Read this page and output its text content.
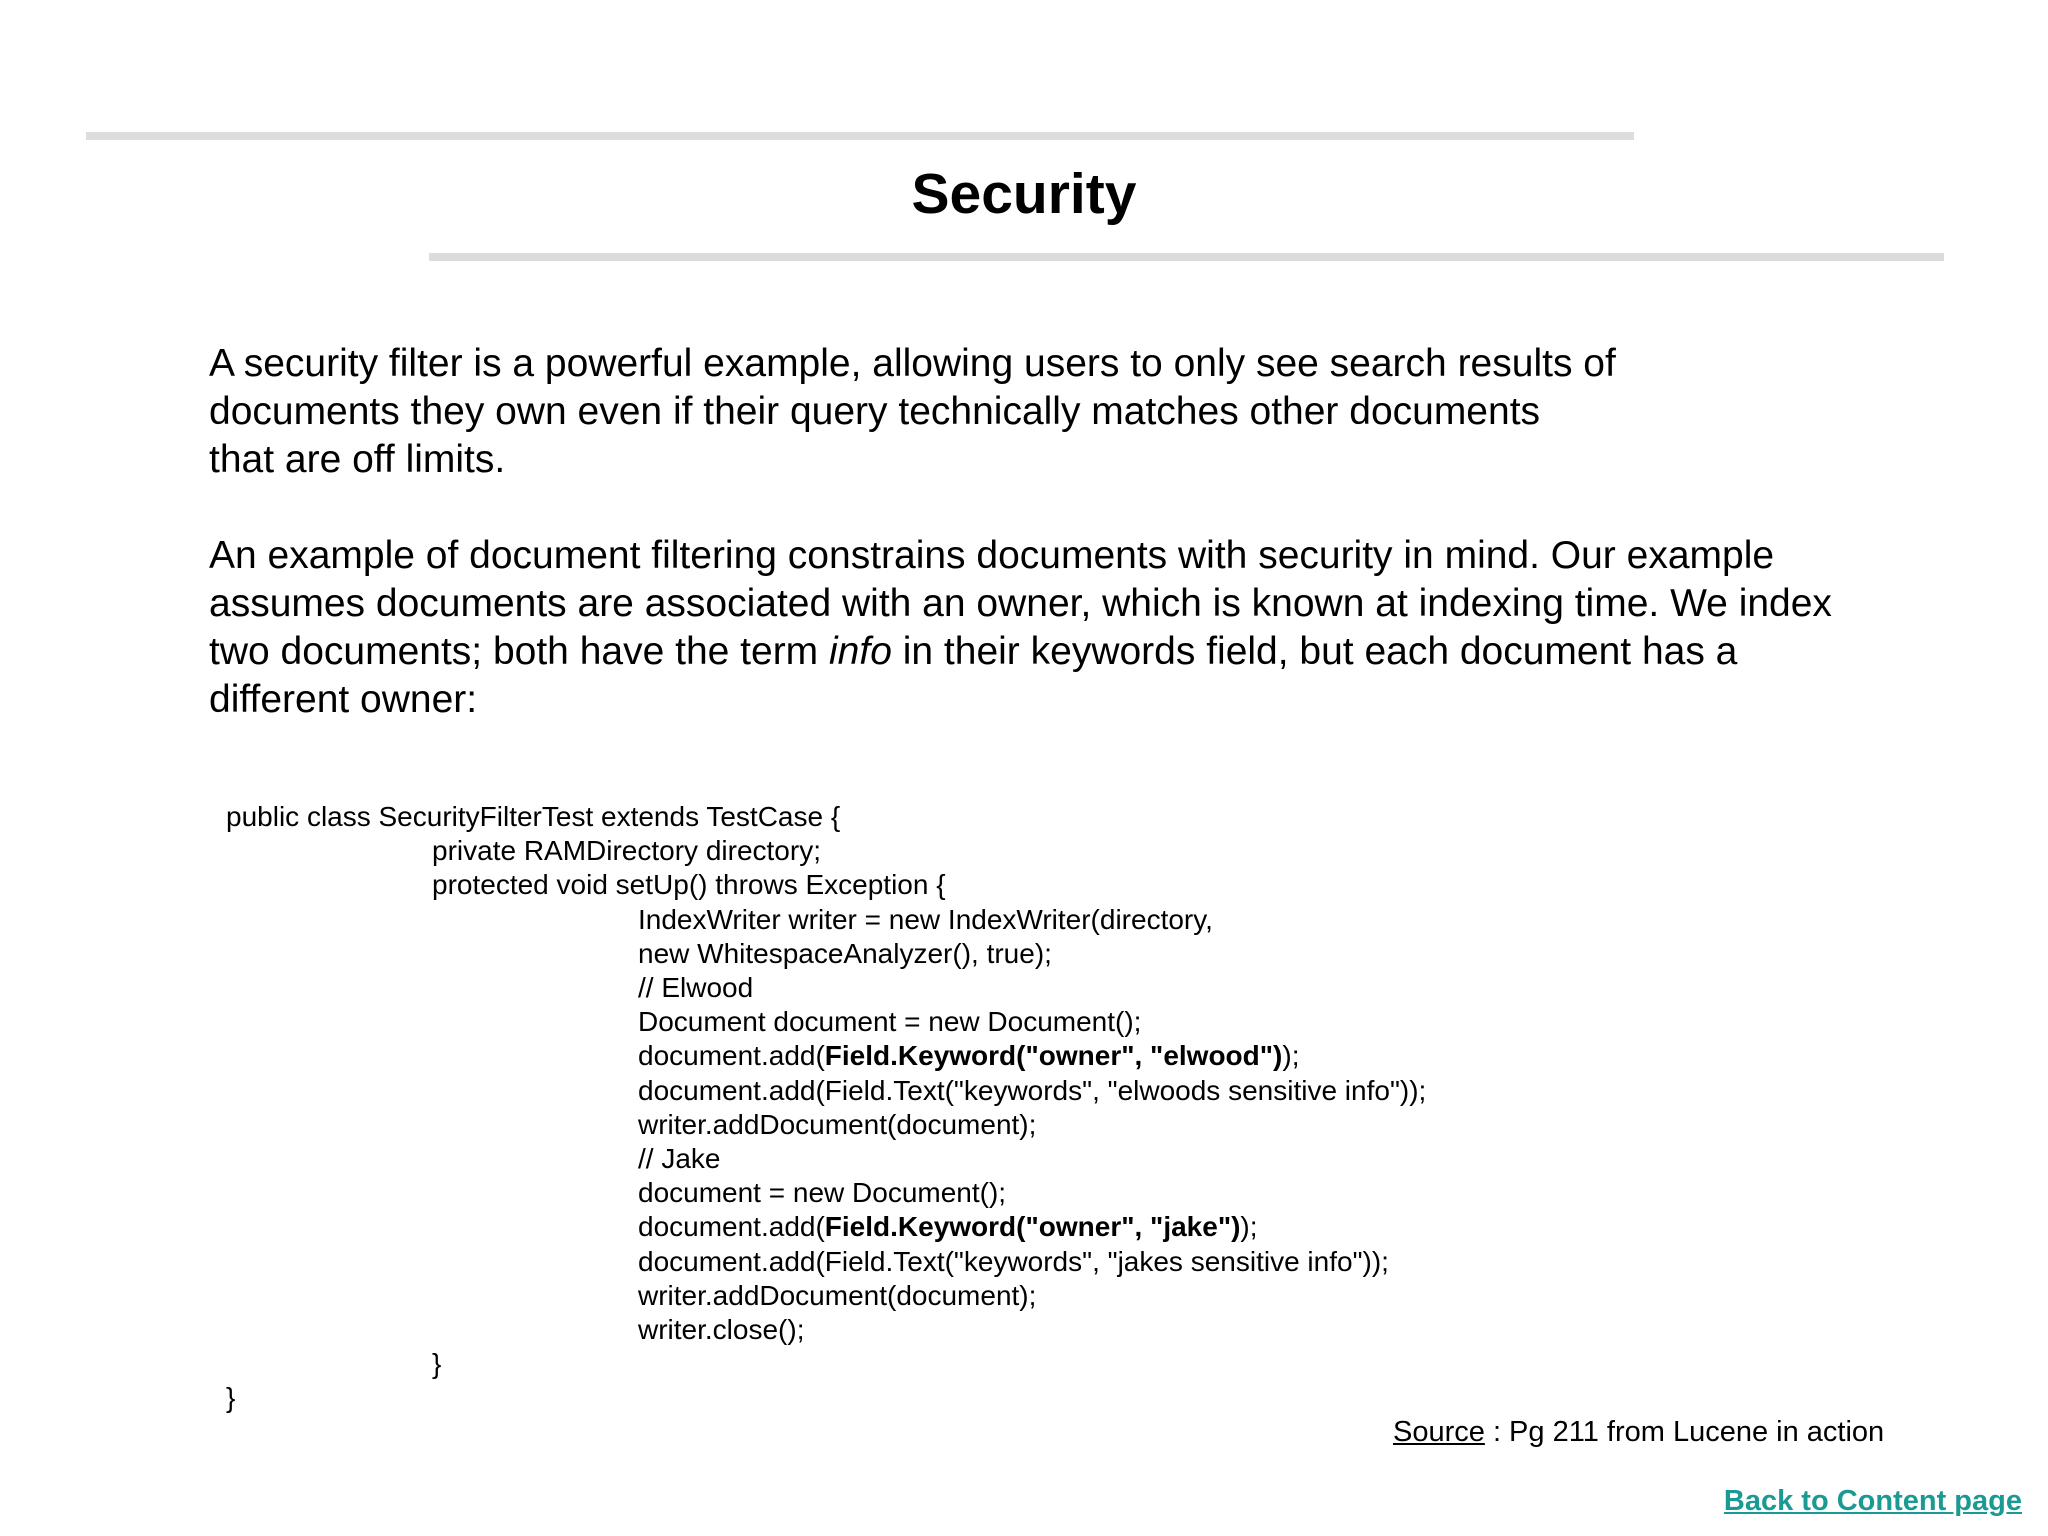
Security
A security filter is a powerful example, allowing users to only see search results of
documents they own even if their query technically matches other documents
that are off limits.
An example of document filtering constrains documents with security in mind. Our example
assumes documents are associated with an owner, which is known at indexing time. We index
two documents; both have the term info in their keywords field, but each document has a
different owner:
public class SecurityFilterTest extends TestCase {
private RAMDirectory directory;
protected void setUp() throws Exception {
IndexWriter writer = new IndexWriter(directory,
new WhitespaceAnalyzer(), true);
// Elwood
Document document = new Document();
document.add(Field.Keyword("owner", "elwood"));
document.add(Field.Text("keywords", "elwoods sensitive info"));
writer.addDocument(document);
// Jake
document = new Document();
document.add(Field.Keyword("owner", "jake"));
document.add(Field.Text("keywords", "jakes sensitive info"));
writer.addDocument(document);
writer.close();
}
}
Source : Pg 211 from Lucene in action
Back to Content page
